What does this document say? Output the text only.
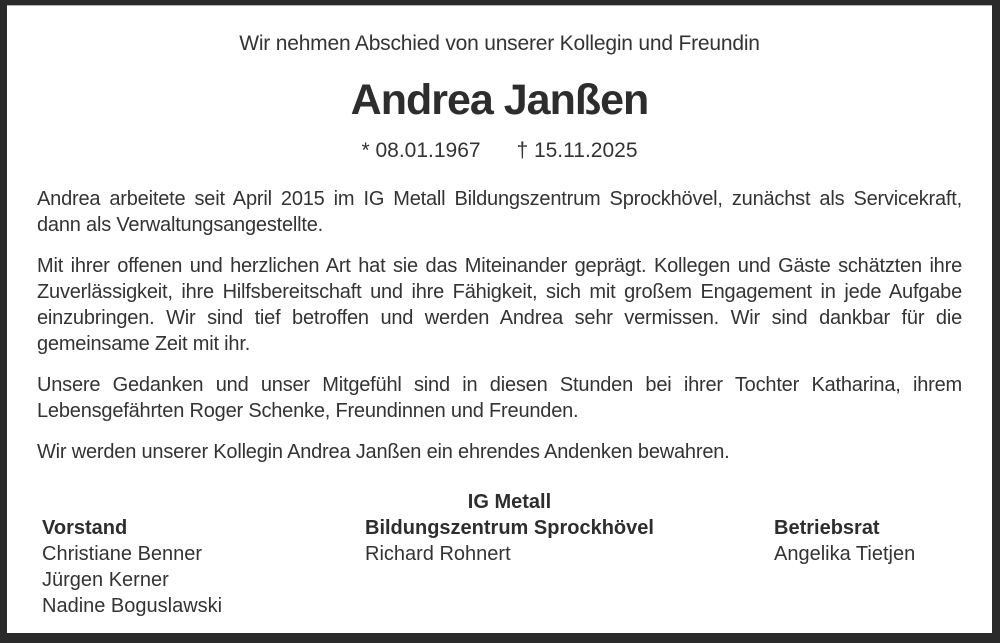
Wir nehmen Abschied von unserer Kollegin und Freundin
Andrea Janßen
* 08.01.1967 † 15.11.2025

Andrea arbeitete seit April 2015 im IG Metall Bildungszentrum Sprockhövel, zunächst als Servicekraft, dann als Verwaltungsangestellte.

Mit ihrer offenen und herzlichen Art hat sie das Miteinander geprägt. Kollegen und Gäste schätzten ihre Zuverlässigkeit, ihre Hilfsbereitschaft und ihre Fähigkeit, sich mit großem Engagement in jede Aufgabe einzubringen. Wir sind tief betroffen und werden Andrea sehr vermissen. Wir sind dankbar für die gemeinsame Zeit mit ihr.

Unsere Gedanken und unser Mitgefühl sind in diesen Stunden bei ihrer Tochter Katharina, ihrem Lebensgefährten Roger Schenke, Freundinnen und Freunden.

Wir werden unserer Kollegin Andrea Janßen ein ehrendes Andenken bewahren.

Vorstand
Christiane Benner
Jürgen Kerner
Nadine Boguslawski
IG Metall
Bildungszentrum Sprockhövel
Richard Rohnert
Betriebsrat
Angelika Tietjen
